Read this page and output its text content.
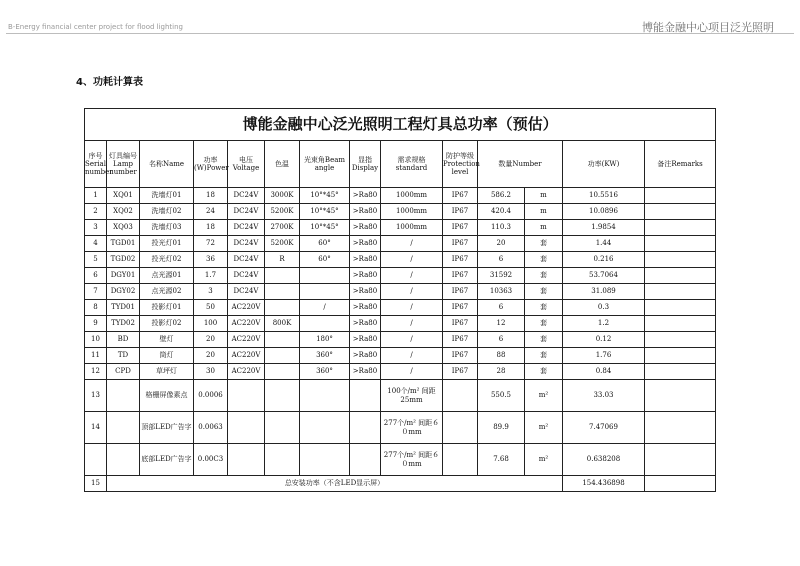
B-Energy financial center project for flood lighting	博能金融中心项目泛光照明
4、功耗计算表
博能金融中心泛光照明工程灯具总功率（预估）													
序号 Serial number	灯具编号Lamp number	名称Name	功率 (W)Power	电压 Voltage	色温	光束角Beam angle	显指 Display	需求规格 standard	防护等级 Protection level	数量Number		功率(KW)	备注Remarks
1	XQ01	洗墙灯01	18	DC24V	3000K	10°*45°	>Ra80	1000mm	IP67	586.2	m	10.5516	
2	XQ02	洗墙灯02	24	DC24V	5200K	10°*45°	>Ra80	1000mm	IP67	420.4	m	10.0896	
3	XQ03	洗墙灯03	18	DC24V	2700K	10°*45°	>Ra80	1000mm	IP67	110.3	m	1.9854	
4	TGD01	投光灯01	72	DC24V	5200K	60°	>Ra80	/	IP67	20	套	1.44	
5	TGD02	投光灯02	36	DC24V	R	60°	>Ra80	/	IP67	6	套	0.216	
6	DGY01	点光源01	1.7	DC24V			>Ra80	/	IP67	31592	套	53.7064	
7	DGY02	点光源02	3	DC24V			>Ra80	/	IP67	10363	套	31.089	
8	TYD01	投影灯01	50	AC220V		/	>Ra80	/	IP67	6	套	0.3	
9	TYD02	投影灯02	100	AC220V	800K		>Ra80	/	IP67	12	套	1.2	
10	BD	壁灯	20	AC220V		180°	>Ra80	/	IP67	6	套	0.12	
11	TD	筒灯	20	AC220V		360°	>Ra80	/	IP67	88	套	1.76	
12	CPD	草坪灯	30	AC220V		360°	>Ra80	/	IP67	28	套	0.84	
13		格栅屏像素点	0.0006					100个/m² 间距25mm		550.5	m²	33.03	
14		顶部LED广告字	0.0063					277个/m² 间距６０mm		89.9	m²	7.47069	
		底部LED广告字	0.00C3					277个/m² 间距６０mm		7.68	m²	0.638208	
15	总安装功率（不含LED显示屏）											154.436898	
